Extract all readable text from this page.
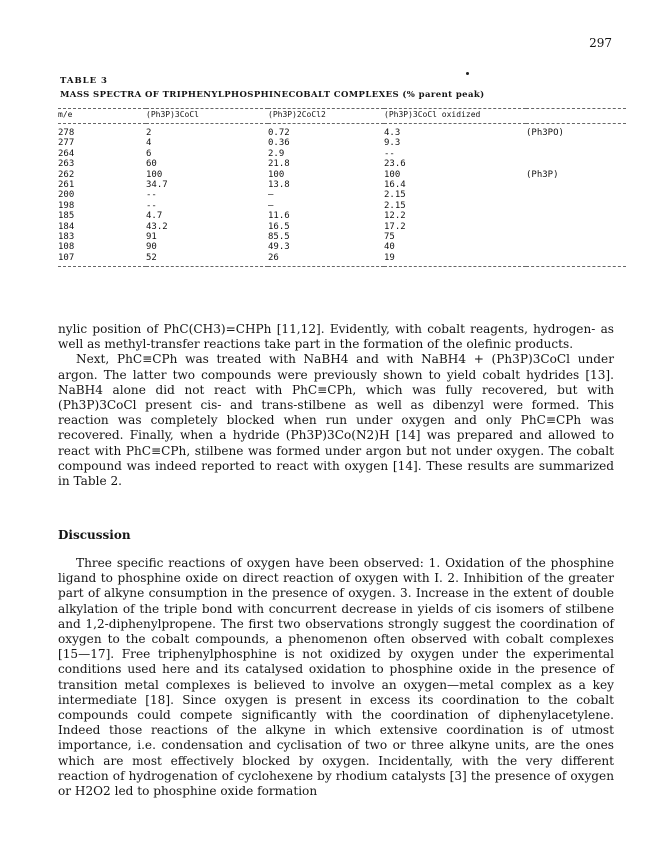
297
TABLE 3
MASS SPECTRA OF TRIPHENYLPHOSPHINECOBALT COMPLEXES (% parent peak)
m/e	(Ph3P)3CoCl	(Ph3P)2CoCl2	(Ph3P)3CoCl oxidized	
278	2	0.72	4.3	(Ph3PO)
277	4	0.36	9.3	
264	6	2.9	--	
263	60	21.8	23.6	
262	100	100	100	(Ph3P)
261	34.7	13.8	16.4	
200	--	–	2.15	
198	--	–	2.15	
185	4.7	11.6	12.2	
184	43.2	16.5	17.2	
183	91	85.5	75	
108	90	49.3	40	
107	52	26	19	
nylic position of PhC(CH3)=CHPh [11,12]. Evidently, with cobalt reagents, hydrogen- as well as methyl-transfer reactions take part in the formation of the olefinic products.
Next, PhC≡CPh was treated with NaBH4 and with NaBH4 + (Ph3P)3CoCl under argon. The latter two compounds were previously shown to yield cobalt hydrides [13]. NaBH4 alone did not react with PhC≡CPh, which was fully recovered, but with (Ph3P)3CoCl present cis- and trans-stilbene as well as dibenzyl were formed. This reaction was completely blocked when run under oxygen and only PhC≡CPh was recovered. Finally, when a hydride (Ph3P)3Co(N2)H [14] was prepared and allowed to react with PhC≡CPh, stilbene was formed under argon but not under oxygen. The cobalt compound was indeed reported to react with oxygen [14]. These results are summarized in Table 2.
Discussion
Three specific reactions of oxygen have been observed: 1. Oxidation of the phosphine ligand to phosphine oxide on direct reaction of oxygen with I. 2. Inhibition of the greater part of alkyne consumption in the presence of oxygen. 3. Increase in the extent of double alkylation of the triple bond with concurrent decrease in yields of cis isomers of stilbene and 1,2-diphenylpropene. The first two observations strongly suggest the coordination of oxygen to the cobalt compounds, a phenomenon often observed with cobalt complexes [15—17]. Free triphenylphosphine is not oxidized by oxygen under the experimental conditions used here and its catalysed oxidation to phosphine oxide in the presence of transition metal complexes is believed to involve an oxygen—metal complex as a key intermediate [18]. Since oxygen is present in excess its coordination to the cobalt compounds could compete significantly with the coordination of diphenylacetylene. Indeed those reactions of the alkyne in which extensive coordination is of utmost importance, i.e. condensation and cyclisation of two or three alkyne units, are the ones which are most effectively blocked by oxygen. Incidentally, with the very different reaction of hydrogenation of cyclohexene by rhodium catalysts [3] the presence of oxygen or H2O2 led to phosphine oxide formation
